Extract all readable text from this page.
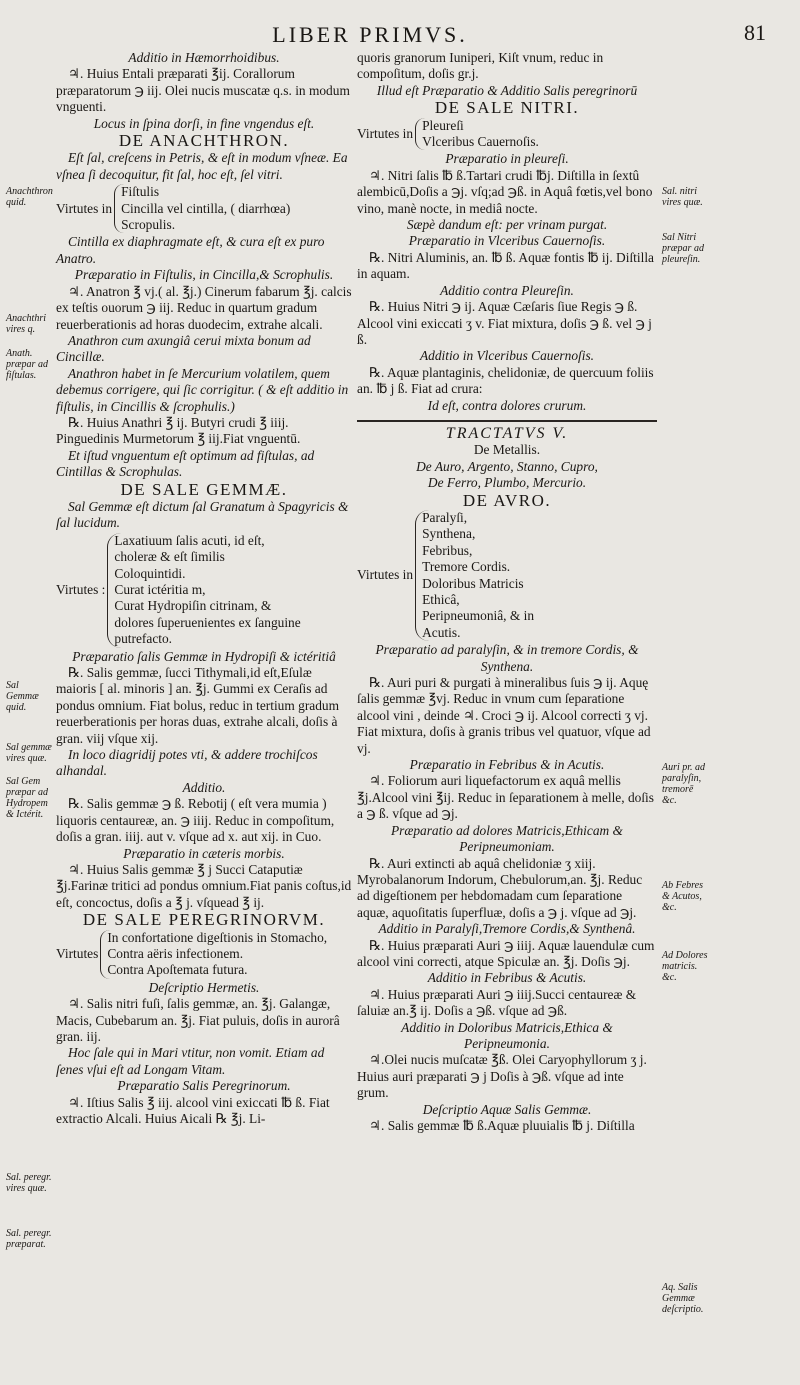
LIBER PRIMVS.	81

Additio in Hæmorrhoidibus.

♃. Huius Entali præparati ℥ij. Corallorum præparatorum ℈ iij. Olei nucis muscatæ q.s. in modum vnguenti.

Locus in ſpina dorſi, in fine vngendus eſt.

DE ANACHTHRON.

Eſt ſal, creſcens in Petris, & eſt in modum vſneæ. Ea vſnea ſi decoquitur, fit ſal, hoc eſt, ſel vitri.

Virtutes in
Fiſtulis
Cincilla vel cintilla, ( diarrhœa)
Scropulis.

Cintilla ex diaphragmate eſt, & cura eſt ex puro Anatro.

Præparatio in Fiſtulis, in Cincilla,& Scrophulis.

♃. Anatron ℥ vj.( al. ℥j.) Cinerum fabarum ℥j. calcis ex teſtis ouorum ℈ iij. Reduc in quartum gradum reuerberationis ad horas duodecim, extrahe alcali.

Anathron cum axungiâ cerui mixta bonum ad Cincillæ.

Anathron habet in ſe Mercurium volatilem, quem debemus corrigere, qui ſic corrigitur. ( & eſt additio in fiſtulis, in Cincillis & ſcrophulis.)

℞. Huius Anathri ℥ ij. Butyri crudi ℥ iiij. Pinguedinis Murmetorum ℥ iij.Fiat vnguentū.

Et iſtud vnguentum eſt optimum ad fiſtulas, ad Cintillas & Scrophulas.

DE SALE GEMMÆ.

Sal Gemmæ eſt dictum ſal Granatum à Spagyricis & ſal lucidum.

Virtutes :
Laxatiuum ſalis acuti, id eſt,
choleræ & eſt ſimilis
Coloquintidi.
Curat ictéritia m,
Curat Hydropiſin citrinam, &
dolores ſuperuenientes ex ſanguine putrefacto.

Præparatio ſalis Gemmæ in Hydropiſi & ictéritiâ

℞. Salis gemmæ, ſucci Tithymali,id eſt,Eſulæ maioris [ al. minoris ] an. ℥j. Gummi ex Ceraſis ad pondus omnium. Fiat bolus, reduc in tertium gradum reuerberationis per horas duas, extrahe alcali, doſis à gran. viij vſque xij.

In loco diagridij potes vti, & addere trochiſcos alhandal.

Additio.

℞. Salis gemmæ ℈ ß. Rebotij ( eſt vera mumia ) liquoris centaureæ, an. ℈ iiij. Reduc in compoſitum, doſis a gran. iiij. aut v. vſque ad x. aut xij. in Cuo.

Præparatio in cæteris morbis.

♃. Huius Salis gemmæ ℥ j Succi Cataputiæ ℥j.Farinæ tritici ad pondus omnium.Fiat panis coſtus,id eſt, concoctus, doſis a ℥ j. vſquead ℥ ij.

DE SALE PEREGRINORVM.

Virtutes
In confortatione digeſtionis in Stomacho,
Contra aëris infectionem.
Contra Apoſtemata futura.

Deſcriptio Hermetis.

♃. Salis nitri fuſi, ſalis gemmæ, an. ℥j. Galangæ, Macis, Cubebarum an. ℥j. Fiat puluis, doſis in aurorâ gran. iij.

Hoc ſale qui in Mari vtitur, non vomit. Etiam ad ſenes vſui eſt ad Longam Vitam.

Præparatio Salis Peregrinorum.

♃. Iſtius Salis ℥ iij. alcool vini exiccati ℔ ß. Fiat extractio Alcali. Huius Aicali ℞ ℥j. Li-

quoris granorum Iuniperi, Kiſt vnum, reduc in compoſitum, doſis gr.j.

Illud eſt Præparatio & Additio Salis peregrinorū

DE SALE NITRI.

Virtutes in
Pleureſi
Vlceribus Cauernoſis.

Præparatio in pleureſi.

♃. Nitri ſalis ℔ ß.Tartari crudi ℔j. Diſtilla in ſextû alembicū,Doſis a ℈j. vſq;ad ℈ß. in Aquâ fœtis,vel bono vino, manè nocte, in mediâ nocte.

Sæpè dandum eſt: per vrinam purgat.

Præparatio in Vlceribus Cauernoſis.

℞. Nitri Aluminis, an. ℔ ß. Aquæ fontis ℔ ij. Diſtilla in aquam.

Additio contra Pleureſin.

℞. Huius Nitri ℈ ij. Aquæ Cæſaris ſiue Regis ℈ ß. Alcool vini exiccati ʒ v. Fiat mixtura, doſis ℈ ß. vel ℈ j ß.

Additio in Vlceribus Cauernoſis.

℞. Aquæ plantaginis, chelidoniæ, de quercuum foliis an. ℔ j ß. Fiat ad crura:

Id eſt, contra dolores crurum.

TRACTATVS V.

De Metallis.

De Auro, Argento, Stanno, Cupro,

De Ferro, Plumbo, Mercurio.

DE AVRO.

Virtutes in
Paralyſi,
Synthena,
Febribus,
Tremore Cordis.
Doloribus Matricis
Ethicâ,
Peripneumoniâ, & in
Acutis.

Præparatio ad paralyſin, & in tremore Cordis, & Synthena.

℞. Auri puri & purgati à mineralibus ſuis ℈ ij. Aquę ſalis gemmæ ℥vj. Reduc in vnum cum ſeparatione alcool vini , deinde ♃. Croci ℈ ij. Alcool correcti ʒ vj. Fiat mixtura, doſis à granis tribus vel quatuor, vſque ad vj.

Præparatio in Febribus & in Acutis.

♃. Foliorum auri liquefactorum ex aquâ mellis ℥j.Alcool vini ℥ij. Reduc in ſeparationem à melle, doſis a ℈ ß. vſque ad ℈j.

Præparatio ad dolores Matricis,Ethicam & Peripneumoniam.

℞. Auri extincti ab aquâ chelidoniæ ʒ xiij. Myrobalanorum Indorum, Chebulorum,an. ℥j. Reduc ad digeſtionem per hebdomadam cum ſeparatione aquæ, aquoſitatis ſuperfluæ, doſis a ℈ j. vſque ad ℈j.

Additio in Paralyſi,Tremore Cordis,& Synthenâ.

℞. Huius præparati Auri ℈ iiij. Aquæ lauendulæ cum alcool vini correcti, atque Spiculæ an. ℥j. Doſis ℈j.

Additio in Febribus & Acutis.

♃. Huius præparati Auri ℈ iiij.Succi centaureæ & ſaluiæ an.℥ ij. Doſis a ℈ß. vſque ad ℈ß.

Additio in Doloribus Matricis,Ethica & Peripneumonia.

♃.Olei nucis muſcatæ ℥ß. Olei Caryophyllorum ʒ j. Huius auri præparati ℈ j Doſis à ℈ß. vſque ad inte grum.

Deſcriptio Aquæ Salis Gemmæ.

♃. Salis gemmæ ℔ ß.Aquæ pluuialis ℔ j. Diſtilla

Anachthron quid.
Anachthri vires q.
Anath. præpar ad fiſtulas.
Sal Gemmæ quid.
Sal gemmæ vires quæ.
Sal Gem præpar ad Hydropem & Ictérit.
Sal. peregr. vires quæ.
Sal. peregr. præparat.
Sal. nitri vires quæ.
Sal Nitri præpar ad pleureſin.
Auri pr. ad paralyſin, tremorē &c.
Ab Febres & Acutos, &c.
Ad Dolores matricis. &c.
Aq. Salis Gemmæ deſcriptio.
